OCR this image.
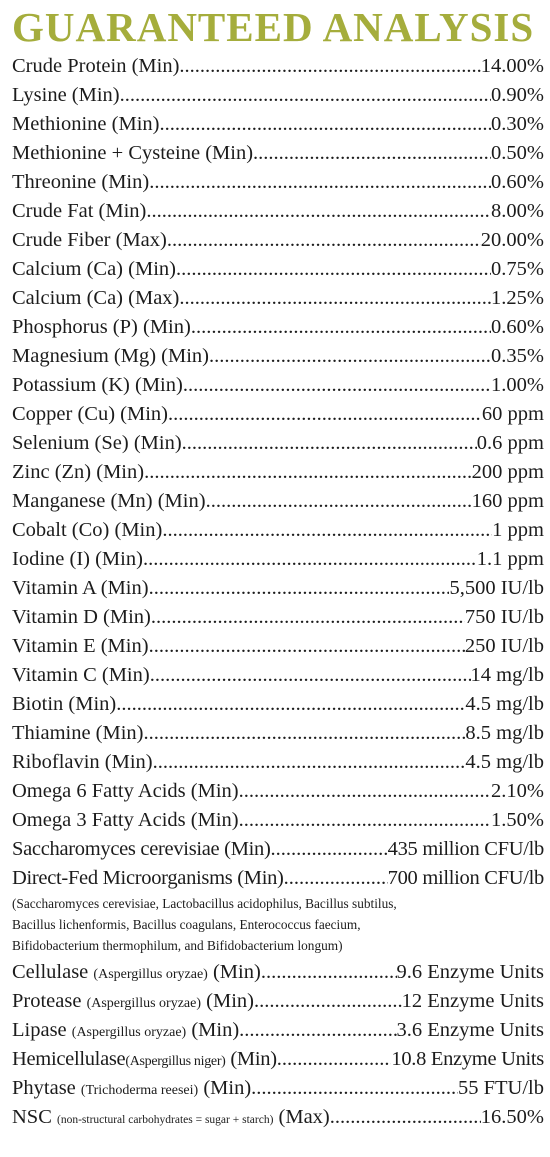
GUARANTEED ANALYSIS
Crude Protein (Min) .....	14.00%
Lysine (Min) .....	0.90%
Methionine (Min) .....	0.30%
Methionine + Cysteine (Min) .....	0.50%
Threonine (Min) .....	0.60%
Crude Fat (Min) .....	8.00%
Crude Fiber (Max) .....	20.00%
Calcium (Ca) (Min) .....	0.75%
Calcium (Ca) (Max) .....	1.25%
Phosphorus (P) (Min) .....	0.60%
Magnesium (Mg) (Min) .....	0.35%
Potassium (K) (Min) .....	1.00%
Copper (Cu) (Min) .....	60 ppm
Selenium (Se) (Min) .....	0.6 ppm
Zinc (Zn) (Min) .....	200 ppm
Manganese (Mn) (Min) .....	160 ppm
Cobalt (Co) (Min) .....	1 ppm
Iodine (I) (Min) .....	1.1 ppm
Vitamin A (Min) .....	5,500 IU/lb
Vitamin D (Min) .....	750 IU/lb
Vitamin E (Min) .....	250 IU/lb
Vitamin C (Min) .....	14 mg/lb
Biotin (Min) .....	4.5 mg/lb
Thiamine (Min) .....	8.5 mg/lb
Riboflavin (Min) .....	4.5 mg/lb
Omega 6 Fatty Acids (Min) .....	2.10%
Omega 3 Fatty Acids (Min) .....	1.50%
Saccharomyces cerevisiae (Min) .....	435 million CFU/lb
Direct-Fed Microorganisms (Min) .....	700 million CFU/lb
(Saccharomyces cerevisiae, Lactobacillus acidophilus, Bacillus subtilus,
Bacillus lichenformis, Bacillus coagulans, Enterococcus faecium,
Bifidobacterium thermophilum, and Bifidobacterium longum)
Cellulase (Aspergillus oryzae) (Min) .....	9.6 Enzyme Units
Protease (Aspergillus oryzae) (Min) .....	12 Enzyme Units
Lipase (Aspergillus oryzae) (Min) .....	3.6 Enzyme Units
Hemicellulase(Aspergillus niger) (Min) .....	10.8 Enzyme Units
Phytase (Trichoderma reesei) (Min) .....	55 FTU/lb
NSC (non-structural carbohydrates = sugar + starch) (Max) .....	16.50%
